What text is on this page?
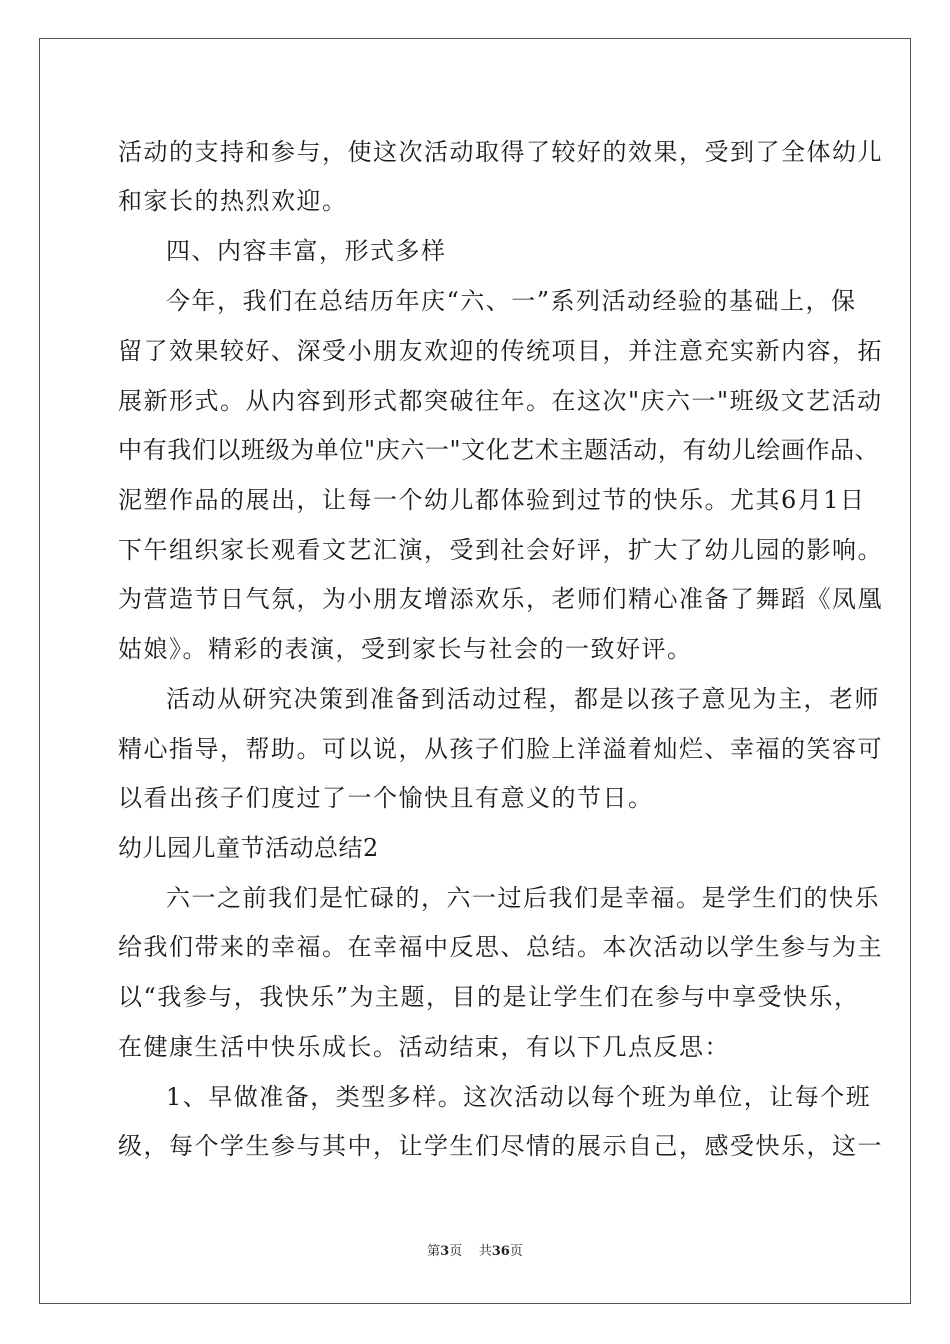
活动的支持和参与，使这次活动取得了较好的效果，受到了全体幼儿
和家长的热烈欢迎。
四、内容丰富，形式多样
今年，我们在总结历年庆“六、一”系列活动经验的基础上，保
留了效果较好、深受小朋友欢迎的传统项目，并注意充实新内容，拓
展新形式。从内容到形式都突破往年。在这次"庆六一"班级文艺活动
中有我们以班级为单位"庆六一"文化艺术主题活动，有幼儿绘画作品、
泥塑作品的展出，让每一个幼儿都体验到过节的快乐。尤其6月1日
下午组织家长观看文艺汇演，受到社会好评，扩大了幼儿园的影响。
为营造节日气氛，为小朋友增添欢乐，老师们精心准备了舞蹈《凤凰
姑娘》。精彩的表演，受到家长与社会的一致好评。
活动从研究决策到准备到活动过程，都是以孩子意见为主，老师
精心指导，帮助。可以说，从孩子们脸上洋溢着灿烂、幸福的笑容可
以看出孩子们度过了一个愉快且有意义的节日。
幼儿园儿童节活动总结2
六一之前我们是忙碌的，六一过后我们是幸福。是学生们的快乐
给我们带来的幸福。在幸福中反思、总结。本次活动以学生参与为主
以“我参与，我快乐”为主题，目的是让学生们在参与中享受快乐，
在健康生活中快乐成长。活动结束，有以下几点反思：
1、早做准备，类型多样。这次活动以每个班为单位，让每个班
级，每个学生参与其中，让学生们尽情的展示自己，感受快乐，这一
第3页 共36页
